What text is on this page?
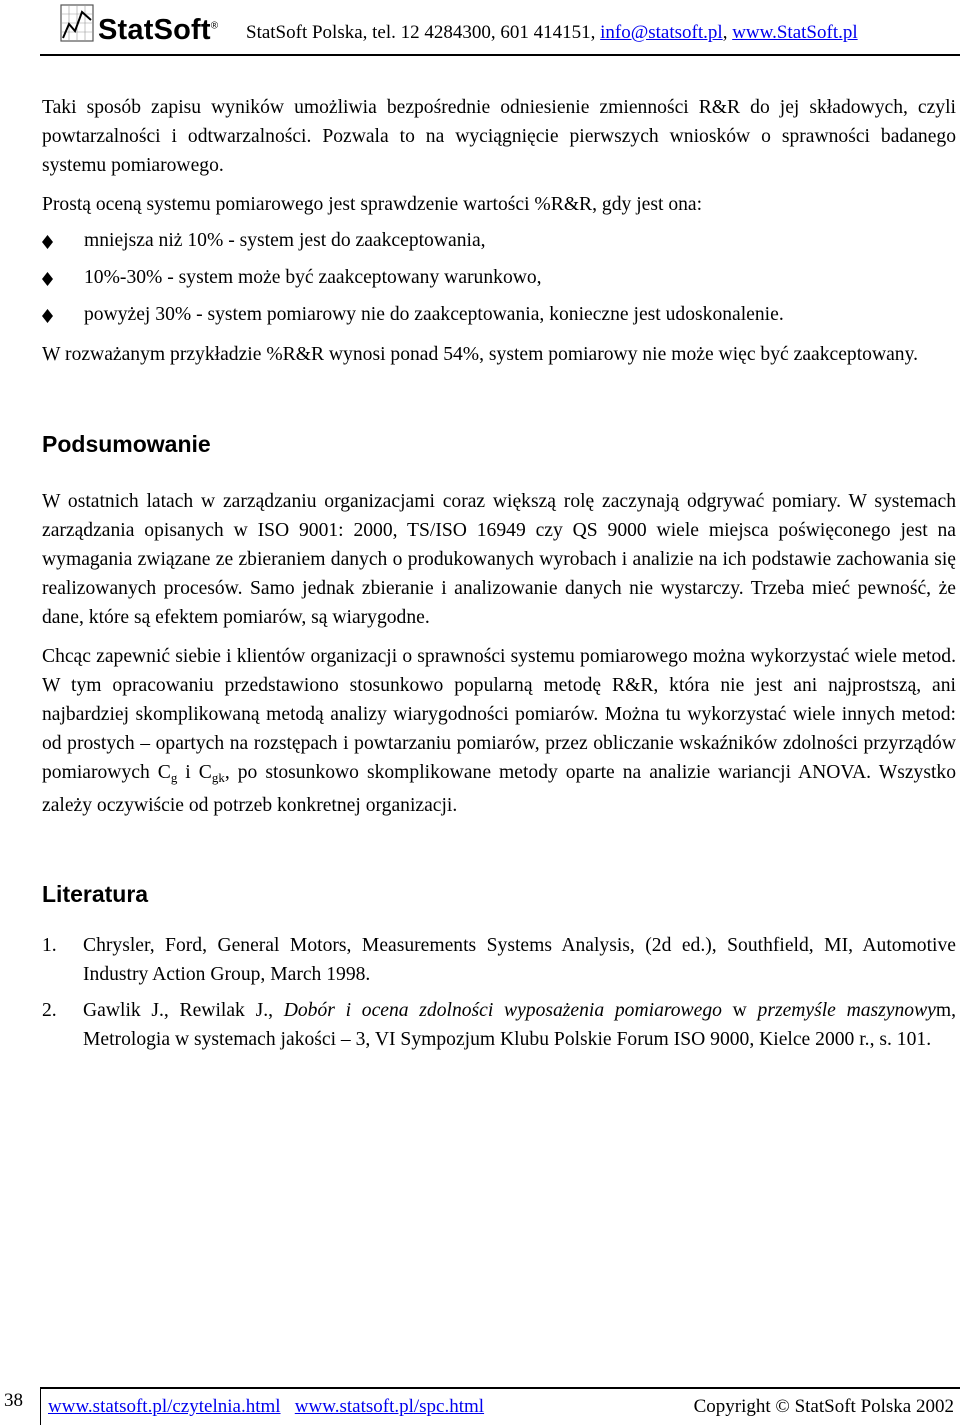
StatSoft® StatSoft Polska, tel. 12 4284300, 601 414151, info@statsoft.pl, www.StatSoft.pl

Taki sposób zapisu wyników umożliwia bezpośrednie odniesienie zmienności R&R do jej składowych, czyli powtarzalności i odtwarzalności. Pozwala to na wyciągnięcie pierwszych wniosków o sprawności badanego systemu pomiarowego.

Prostą oceną systemu pomiarowego jest sprawdzenie wartości %R&R, gdy jest ona:

mniejsza niż 10% - system jest do zaakceptowania,
10%-30% - system może być zaakceptowany warunkowo,
powyżej 30% - system pomiarowy nie do zaakceptowania, konieczne jest udoskonalenie.

W rozważanym przykładzie %R&R wynosi ponad 54%, system pomiarowy nie może więc być zaakceptowany.

Podsumowanie

W ostatnich latach w zarządzaniu organizacjami coraz większą rolę zaczynają odgrywać pomiary. W systemach zarządzania opisanych w ISO 9001: 2000, TS/ISO 16949 czy QS 9000 wiele miejsca poświęconego jest na wymagania związane ze zbieraniem danych o produkowanych wyrobach i analizie na ich podstawie zachowania się realizowanych procesów. Samo jednak zbieranie i analizowanie danych nie wystarczy. Trzeba mieć pewność, że dane, które są efektem pomiarów, są wiarygodne.

Chcąc zapewnić siebie i klientów organizacji o sprawności systemu pomiarowego można wykorzystać wiele metod. W tym opracowaniu przedstawiono stosunkowo popularną metodę R&R, która nie jest ani najprostszą, ani najbardziej skomplikowaną metodą analizy wiarygodności pomiarów. Można tu wykorzystać wiele innych metod: od prostych – opartych na rozstępach i powtarzaniu pomiarów, przez obliczanie wskaźników zdolności przyrządów pomiarowych $C_g$ i $C_{gk}$, po stosunkowo skomplikowane metody oparte na analizie wariancji ANOVA. Wszystko zależy oczywiście od potrzeb konkretnej organizacji.

Literatura
1. Chrysler, Ford, General Motors, Measurements Systems Analysis, (2d ed.), Southfield, MI, Automotive Industry Action Group, March 1998.
2. Gawlik J., Rewilak J., Dobór i ocena zdolności wyposażenia pomiarowego w przemyśle maszynowym, Metrologia w systemach jakości – 3, VI Sympozjum Klubu Polskie Forum ISO 9000, Kielce 2000 r., s. 101.
38 www.statsoft.pl/czytelnia.html www.statsoft.pl/spc.html	Copyright © StatSoft Polska 2002
